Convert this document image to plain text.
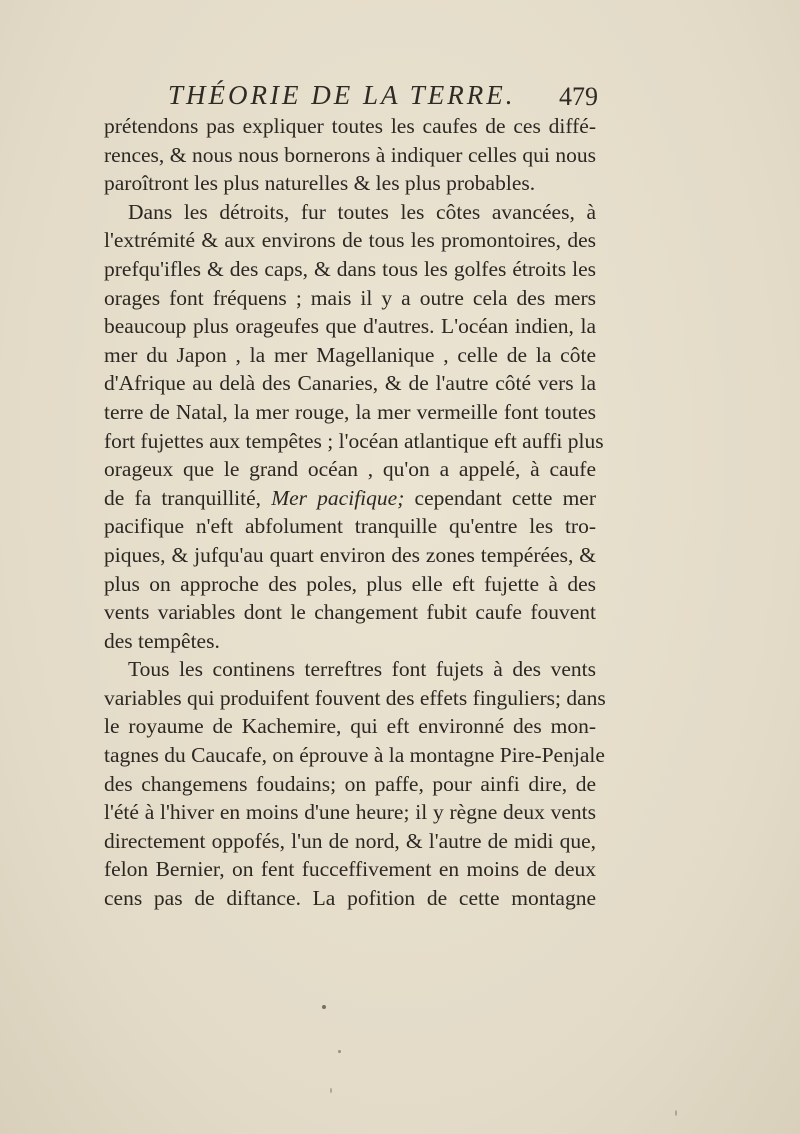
THÉORIE DE LA TERRE. 479
prétendons pas expliquer toutes les caufes de ces diffé-
rences, & nous nous bornerons à indiquer celles qui nous
paroîtront les plus naturelles & les plus probables.
Dans les détroits, fur toutes les côtes avancées, à
l'extrémité & aux environs de tous les promontoires, des
prefqu'ifles & des caps, & dans tous les golfes étroits les
orages font fréquens ; mais il y a outre cela des mers
beaucoup plus orageufes que d'autres. L'océan indien, la
mer du Japon , la mer Magellanique , celle de la côte
d'Afrique au delà des Canaries, & de l'autre côté vers la
terre de Natal, la mer rouge, la mer vermeille font toutes
fort fujettes aux tempêtes ; l'océan atlantique eft auffi plus
orageux que le grand océan , qu'on a appelé, à caufe
de fa tranquillité, Mer pacifique; cependant cette mer
pacifique n'eft abfolument tranquille qu'entre les tro-
piques, & jufqu'au quart environ des zones tempérées, &
plus on approche des poles, plus elle eft fujette à des
vents variables dont le changement fubit caufe fouvent
des tempêtes.
Tous les continens terreftres font fujets à des vents
variables qui produifent fouvent des effets finguliers; dans
le royaume de Kachemire, qui eft environné des mon-
tagnes du Caucafe, on éprouve à la montagne Pire-Penjale
des changemens foudains; on paffe, pour ainfi dire, de
l'été à l'hiver en moins d'une heure; il y règne deux vents
directement oppofés, l'un de nord, & l'autre de midi que,
felon Bernier, on fent fucceffivement en moins de deux
cens pas de diftance. La pofition de cette montagne
